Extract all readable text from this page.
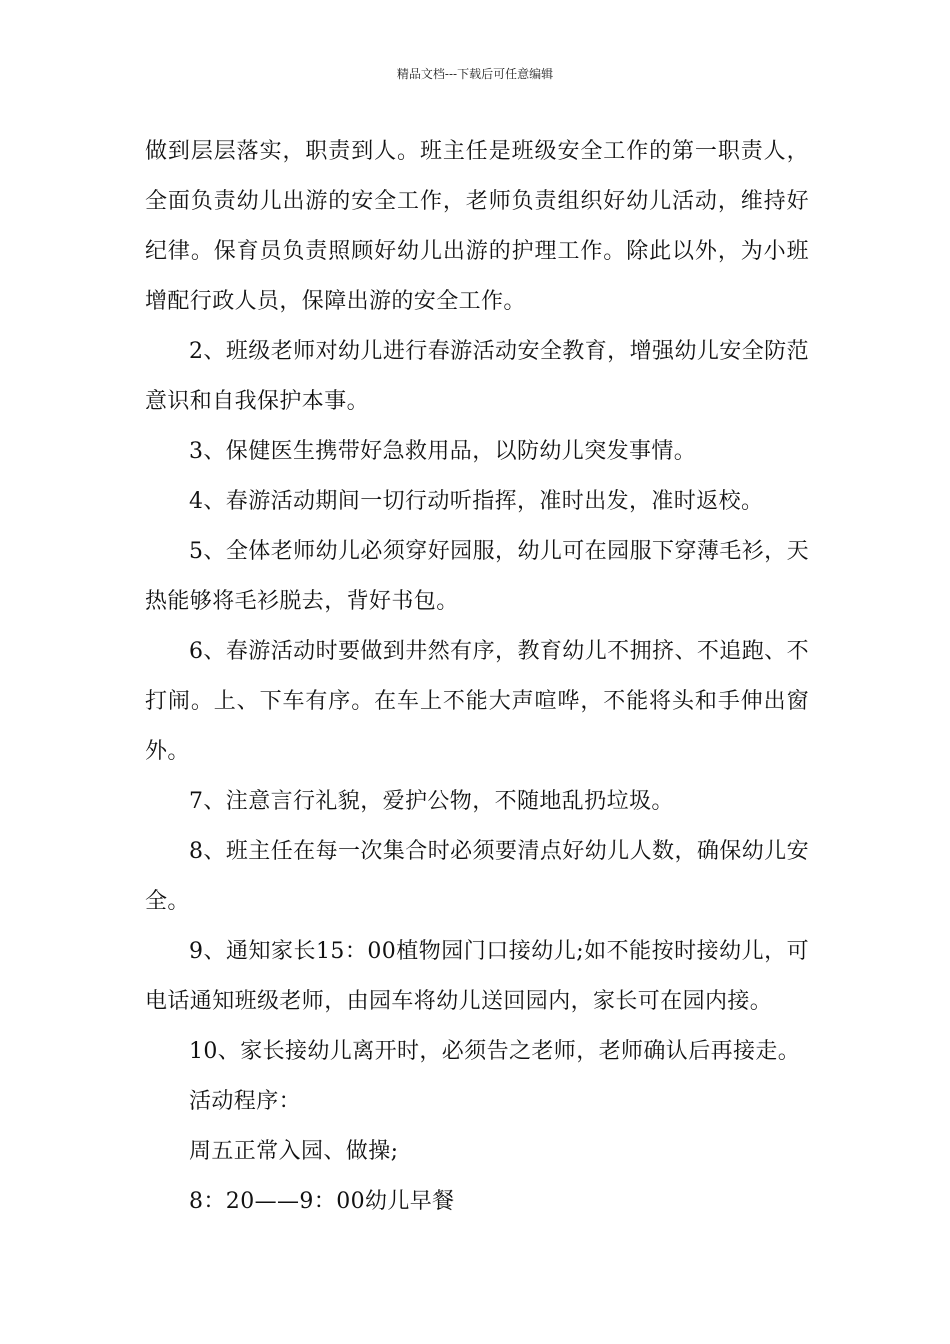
精品文档---下载后可任意编辑

做到层层落实，职责到人。班主任是班级安全工作的第一职责人，全面负责幼儿出游的安全工作，老师负责组织好幼儿活动，维持好纪律。保育员负责照顾好幼儿出游的护理工作。除此以外，为小班增配行政人员，保障出游的安全工作。

2、班级老师对幼儿进行春游活动安全教育，增强幼儿安全防范意识和自我保护本事。

3、保健医生携带好急救用品，以防幼儿突发事情。

4、春游活动期间一切行动听指挥，准时出发，准时返校。

5、全体老师幼儿必须穿好园服，幼儿可在园服下穿薄毛衫，天热能够将毛衫脱去，背好书包。

6、春游活动时要做到井然有序，教育幼儿不拥挤、不追跑、不打闹。上、下车有序。在车上不能大声喧哗，不能将头和手伸出窗外。

7、注意言行礼貌，爱护公物，不随地乱扔垃圾。

8、班主任在每一次集合时必须要清点好幼儿人数，确保幼儿安全。

9、通知家长15：00植物园门口接幼儿;如不能按时接幼儿，可电话通知班级老师，由园车将幼儿送回园内，家长可在园内接。

10、家长接幼儿离开时，必须告之老师，老师确认后再接走。

活动程序：

周五正常入园、做操;

8：20——9：00幼儿早餐
